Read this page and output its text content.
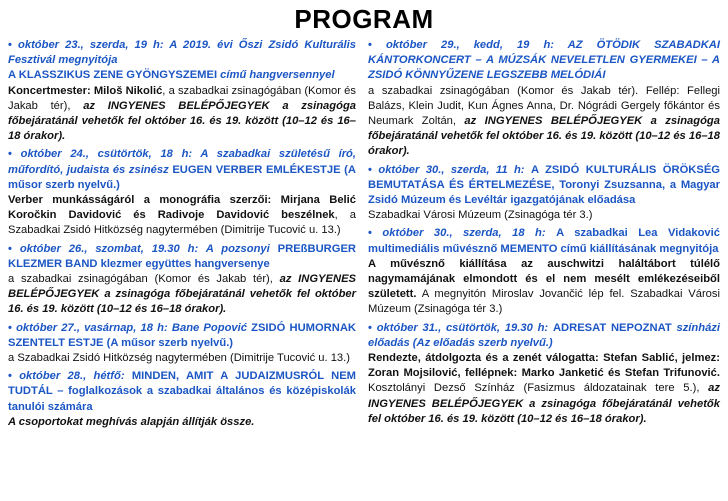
PROGRAM
• október 23., szerda, 19 h: A 2019. évi Őszi Zsidó Kulturális Fesztivál megnyitója
A KLASSZIKUS ZENE GYÖNGYSZEMEI című hangversennyel
Koncertmester: Miloš Nikolić, a szabadkai zsinagógában (Komor és Jakab tér), az INGYENES BELÉPŐJEGYEK a zsinagóga főbejáratánál vehetők fel október 16. és 19. között (10–12 és 16–18 órakor).
• október 24., csütörtök, 18 h: A szabadkai születésű író, műfordító, judaista és zsinész EUGEN VERBER EMLÉKESTJE (A műsor szerb nyelvű.)
Verber munkásságáról a monográfia szerzői: Mirjana Belić Koročkin Davidović és Radivoje Davidović beszélnek, a Szabadkai Zsidó Hitközség nagytermében (Dimitrije Tucović u. 13.)
• október 26., szombat, 19.30 h: A pozsonyi PREßBURGER KLEZMER BAND klezmer együttes hangversenye
a szabadkai zsinagógában (Komor és Jakab tér), az INGYENES BELÉPŐJEGYEK a zsinagóga főbejáratánál vehetők fel október 16. és 19. között (10–12 és 16–18 órakor).
• október 27., vasárnap, 18 h: Bane Popović ZSIDÓ HUMORNAK SZENTELT ESTJE (A műsor szerb nyelvű.)
a Szabadkai Zsidó Hitközség nagytermében (Dimitrije Tucović u. 13.)
• október 28., hétfő: MINDEN, AMIT A JUDAIZMUSRÓL NEM TUDTÁL – foglalkozások a szabadkai általános és középiskolák tanulói számára
A csoportokat meghívás alapján állítják össze.
• október 29., kedd, 19 h: AZ ÖTÖDIK SZABADKAI KÁNTORKONCERT – A MÚZSÁK NEVELETLEN GYERMEKEI – A ZSIDÓ KÖNNYŰZENE LEGSZEBB MELÓDIÁI
a szabadkai zsinagógában (Komor és Jakab tér). Fellép: Fellegi Balázs, Klein Judit, Kun Ágnes Anna, Dr. Nógrádi Gergely főkántor és Neumark Zoltán, az INGYENES BELÉPŐJEGYEK a zsinagóga főbejáratánál vehetők fel október 16. és 19. között (10–12 és 16–18 órakor).
• október 30., szerda, 11 h: A ZSIDÓ KULTURÁLIS ÖRÖKSÉG BEMUTATÁSA ÉS ÉRTELMEZÉSE, Toronyi Zsuzsanna, a Magyar Zsidó Múzeum és Levéltár igazgatójának előadása
Szabadkai Városi Múzeum (Zsinagóga tér 3.)
• október 30., szerda, 18 h: A szabadkai Lea Vidaković multimediális művésznő MEMENTO című kiállításának megnyitója
A művésznő kiállítása az auschwitzi haláltábort túlélő nagymamájának elmondott és el nem mesélt emlékezéseiből született. A megnyitón Miroslav Jovančić lép fel. Szabadkai Városi Múzeum (Zsinagóga tér 3.)
• október 31., csütörtök, 19.30 h: ADRESAT NEPOZNAT színházi előadás (Az előadás szerb nyelvű.)
Rendezte, átdolgozta és a zenét válogatta: Stefan Sablić, jelmez: Zoran Mojsilović, fellépnek: Marko Janketić és Stefan Trifunović. Kosztolányi Dezső Színház (Fasizmus áldozatainak tere 5.), az INGYENES BELÉPŐJEGYEK a zsinagóga főbejáratánál vehetők fel október 16. és 19. között (10–12 és 16–18 órakor).
